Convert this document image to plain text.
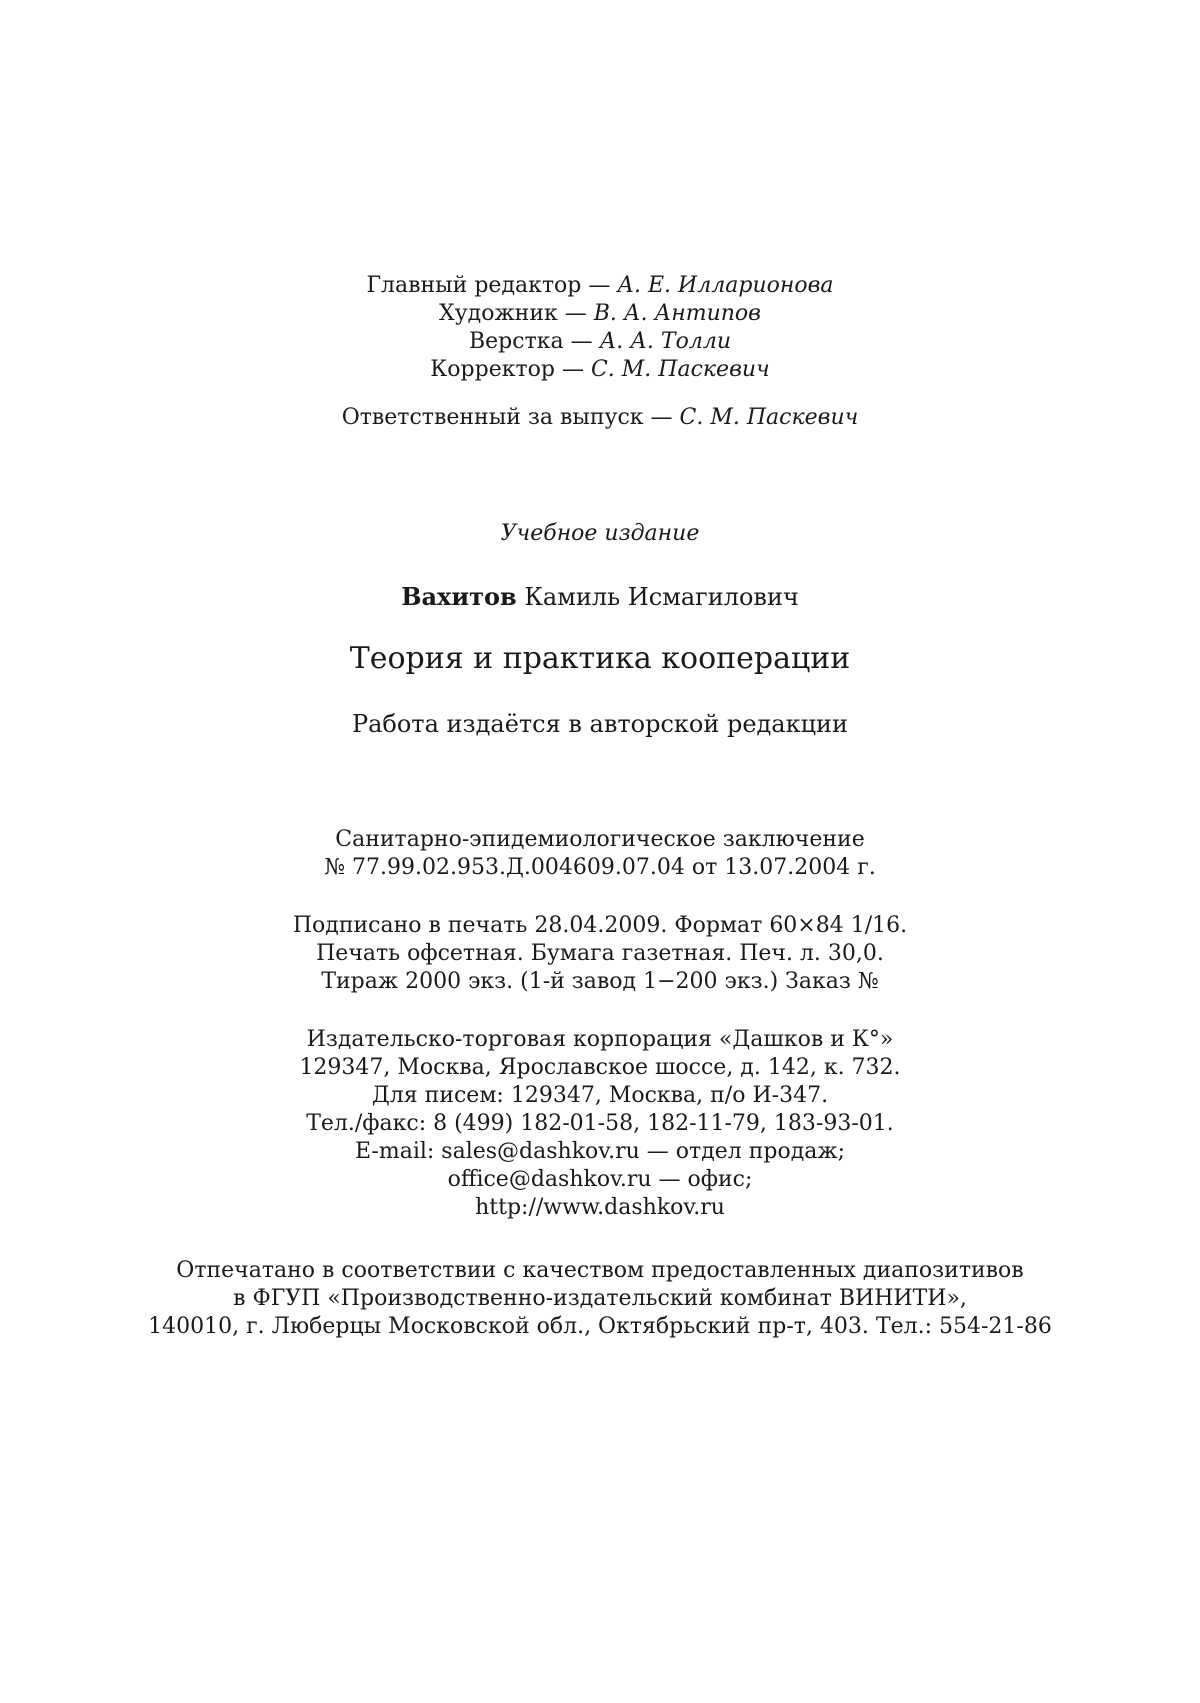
Главный редактор — А. Е. Илларионова
Художник — В. А. Антипов
Верстка — А. А. Толли
Корректор — С. М. Паскевич
Ответственный за выпуск — С. М. Паскевич
Учебное издание
Вахитов Камиль Исмагилович
Теория и практика кооперации
Работа издаётся в авторской редакции
Санитарно-эпидемиологическое заключение
№ 77.99.02.953.Д.004609.07.04 от 13.07.2004 г.
Подписано в печать 28.04.2009. Формат 60×84 1/16.
Печать офсетная. Бумага газетная. Печ. л. 30,0.
Тираж 2000 экз. (1-й завод 1−200 экз.) Заказ №
Издательско-торговая корпорация «Дашков и К°»
129347, Москва, Ярославское шоссе, д. 142, к. 732.
Для писем: 129347, Москва, п/о И-347.
Тел./факс: 8 (499) 182-01-58, 182-11-79, 183-93-01.
E-mail: sales@dashkov.ru — отдел продаж;
office@dashkov.ru — офис;
http://www.dashkov.ru
Отпечатано в соответствии с качеством предоставленных диапозитивов
в ФГУП «Производственно-издательский комбинат ВИНИТИ»,
140010, г. Люберцы Московской обл., Октябрьский пр-т, 403. Тел.: 554-21-86
